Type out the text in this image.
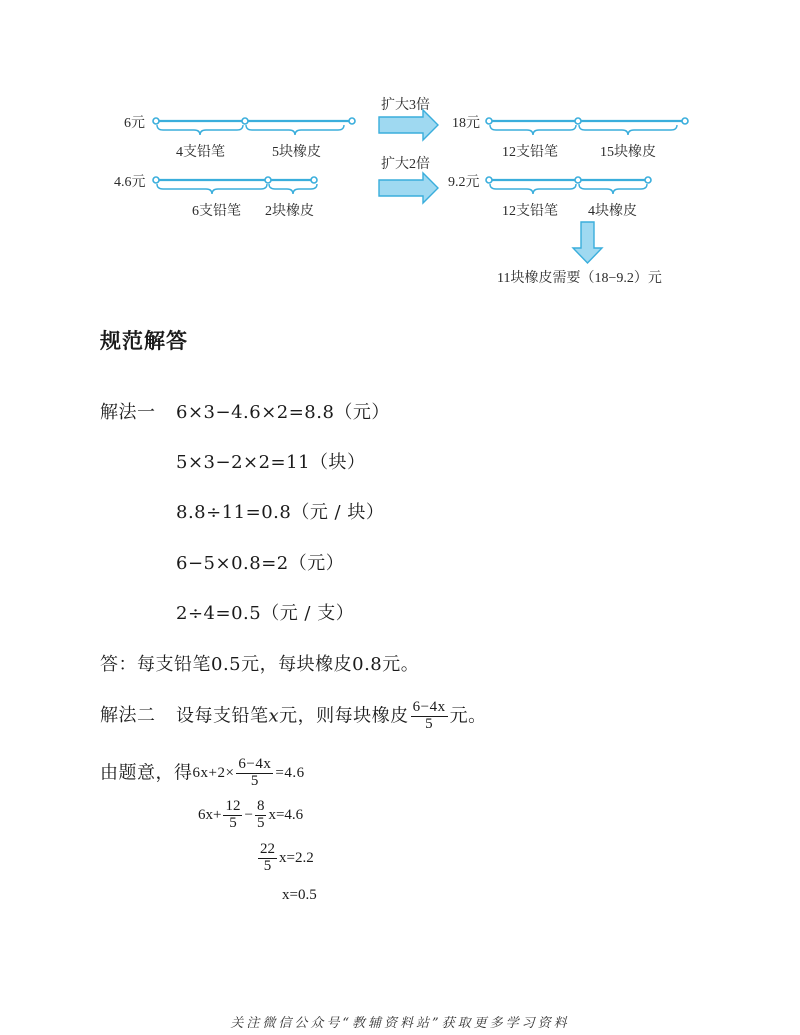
6元
4支铅笔	5块橡皮
扩大3倍
18元
12支铅笔	15块橡皮
4.6元
6支铅笔 2块橡皮
扩大2倍
9.2元
12支铅笔 4块橡皮
11块橡皮需要（18−9.2）元
规范解答
解法一 6×3−4.6×2=8.8（元）
5×3−2×2=11（块）
8.8÷11=0.8（元 / 块）
6−5×0.8=2（元）
2÷4=0.5（元 / 支）
答：每支铅笔0.5元，每块橡皮0.8元。
解法二 设每支铅笔x元，则每块橡皮 $\frac{6-4x}{5}$ 元。
由题意，得$6x+2\times \frac{6-4x}{5} =4.6$
$6x+ \frac{12}{5} - \frac{8}{5} x=4.6$
$\frac{22}{5} x=2.2$
x=0.5
关注微信公众号“教辅资料站”获取更多学习资料
